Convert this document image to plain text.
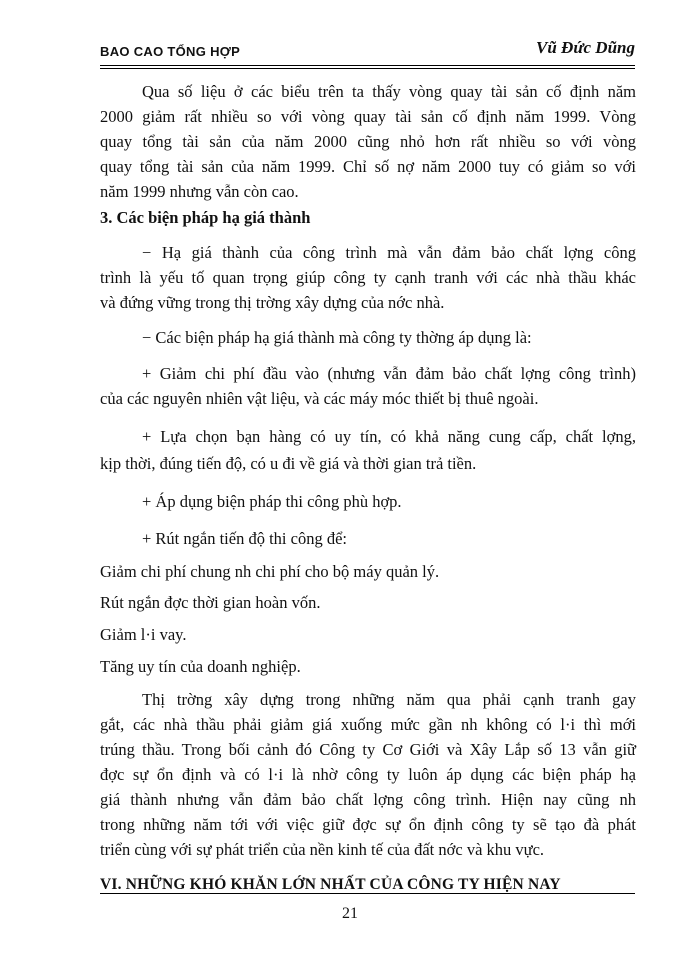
BAO CAO TỔNG HỢP	Vũ Đức Dũng
Qua số liệu ở các biểu trên ta thấy vòng quay tài sản cố định năm
2000 giảm rất nhiều so với vòng quay tài sản cố định năm 1999. Vòng
quay tổng tài sản của năm 2000 cũng nhỏ hơn rất nhiều so với vòng
quay tổng tài sản của năm 1999. Chỉ số nợ năm 2000 tuy có giảm so với
năm 1999 nhưng vẫn còn cao.
3. Các biện pháp hạ giá thành
− Hạ giá thành của công trình mà vẫn đảm bảo chất lợng công
trình là yếu tố quan trọng giúp công ty cạnh tranh với các nhà thầu khác
và đứng vững trong thị trờng xây dựng của nớc nhà.
− Các biện pháp hạ giá thành mà công ty thờng áp dụng là:
+ Giảm chi phí đầu vào (nhưng vẫn đảm bảo chất lợng công trình)
của các nguyên nhiên vật liệu, và các máy móc thiết bị thuê ngoài.
+ Lựa chọn bạn hàng có uy tín, có khả năng cung cấp, chất lợng,
kịp thời, đúng tiến độ, có u đi về giá và thời gian trả tiền.
+ Áp dụng biện pháp thi công phù hợp.
+ Rút ngắn tiến độ thi công để:
Giảm chi phí chung nh chi phí cho bộ máy quản lý.
Rút ngắn đợc thời gian hoàn vốn.
Giảm l·i vay.
Tăng uy tín của doanh nghiệp.
Thị trờng xây dựng trong những năm qua phải cạnh tranh gay
gắt, các nhà thầu phải giảm giá xuống mức gần nh không có l·i thì mới
trúng thầu. Trong bối cảnh đó Công ty Cơ Giới và Xây Lắp số 13 vẫn giữ
đợc sự ổn định và có l·i là nhờ công ty luôn áp dụng các biện pháp hạ
giá thành nhưng vẫn đảm bảo chất lợng công trình. Hiện nay cũng nh
trong những năm tới với việc giữ đợc sự ổn định công ty sẽ tạo đà phát
triển cùng với sự phát triển của nền kinh tế của đất nớc và khu vực.
VI. NHỮNG KHÓ KHĂN LỚN NHẤT CỦA CÔNG TY HIỆN NAY
21
